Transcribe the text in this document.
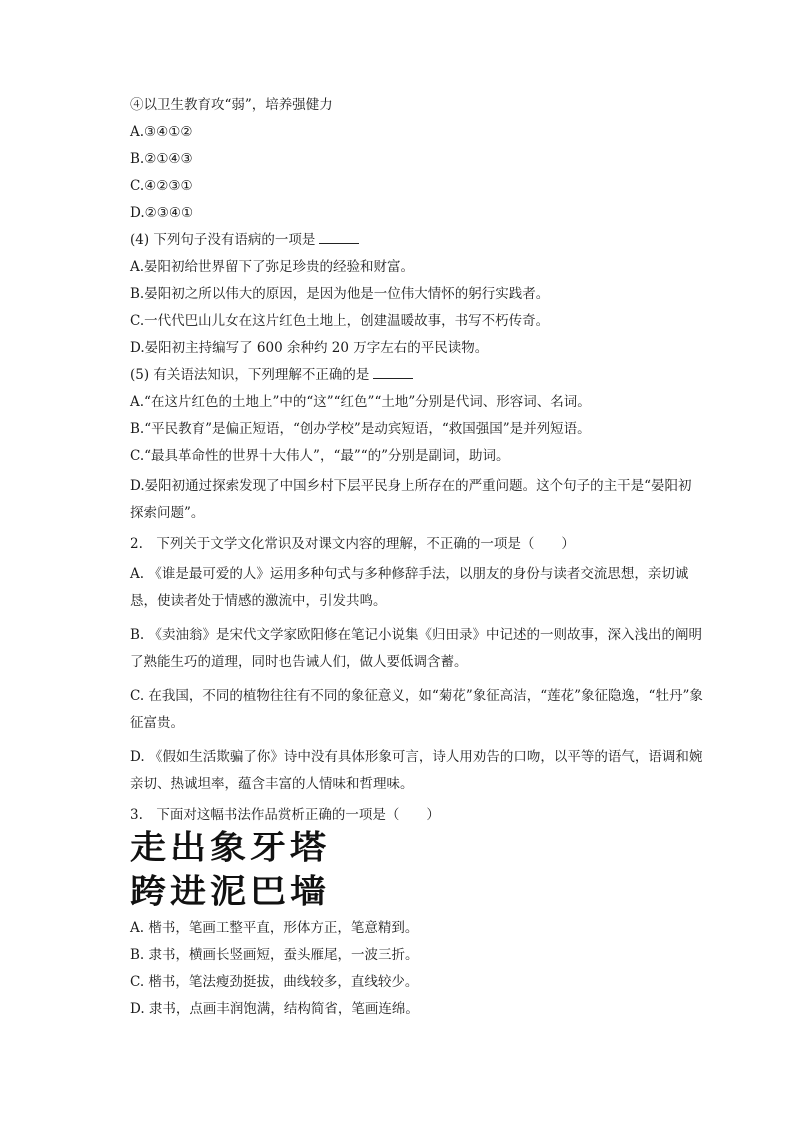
④以卫生教育攻“弱”，培养强健力
A.③④①②
B.②①④③
C.④②③①
D.②③④①
(4) 下列句子没有语病的一项是
A.晏阳初给世界留下了弥足珍贵的经验和财富。
B.晏阳初之所以伟大的原因，是因为他是一位伟大情怀的躬行实践者。
C.一代代巴山儿女在这片红色土地上，创建温暖故事，书写不朽传奇。
D.晏阳初主持编写了 600 余种约 20 万字左右的平民读物。
(5) 有关语法知识，下列理解不正确的是
A.“在这片红色的土地上”中的“这”“红色”“土地”分别是代词、形容词、名词。
B.“平民教育”是偏正短语，“创办学校”是动宾短语，“救国强国”是并列短语。
C.“最具革命性的世界十大伟人”，“最”“的”分别是副词，助词。
D.晏阳初通过探索发现了中国乡村下层平民身上所存在的严重问题。这个句子的主干是“晏阳初探索问题”。
2.　下列关于文学文化常识及对课文内容的理解，不正确的一项是（　　）
A. 《谁是最可爱的人》运用多种句式与多种修辞手法，以朋友的身份与读者交流思想，亲切诚恳，使读者处于情感的激流中，引发共鸣。
B. 《卖油翁》是宋代文学家欧阳修在笔记小说集《归田录》中记述的一则故事，深入浅出的阐明了熟能生巧的道理，同时也告诫人们，做人要低调含蓄。
C. 在我国，不同的植物往往有不同的象征意义，如“菊花”象征高洁，“莲花”象征隐逸，“牡丹”象征富贵。
D. 《假如生活欺骗了你》诗中没有具体形象可言，诗人用劝告的口吻，以平等的语气，语调和婉亲切、热诚坦率，蕴含丰富的人情味和哲理味。
3.　下面对这幅书法作品赏析正确的一项是（　　）
走出象牙塔
跨进泥巴墙
A. 楷书，笔画工整平直，形体方正，笔意精到。
B. 隶书，横画长竖画短，蚕头雁尾，一波三折。
C. 楷书，笔法瘦劲挺拔，曲线较多，直线较少。
D. 隶书，点画丰润饱满，结构简省，笔画连绵。
